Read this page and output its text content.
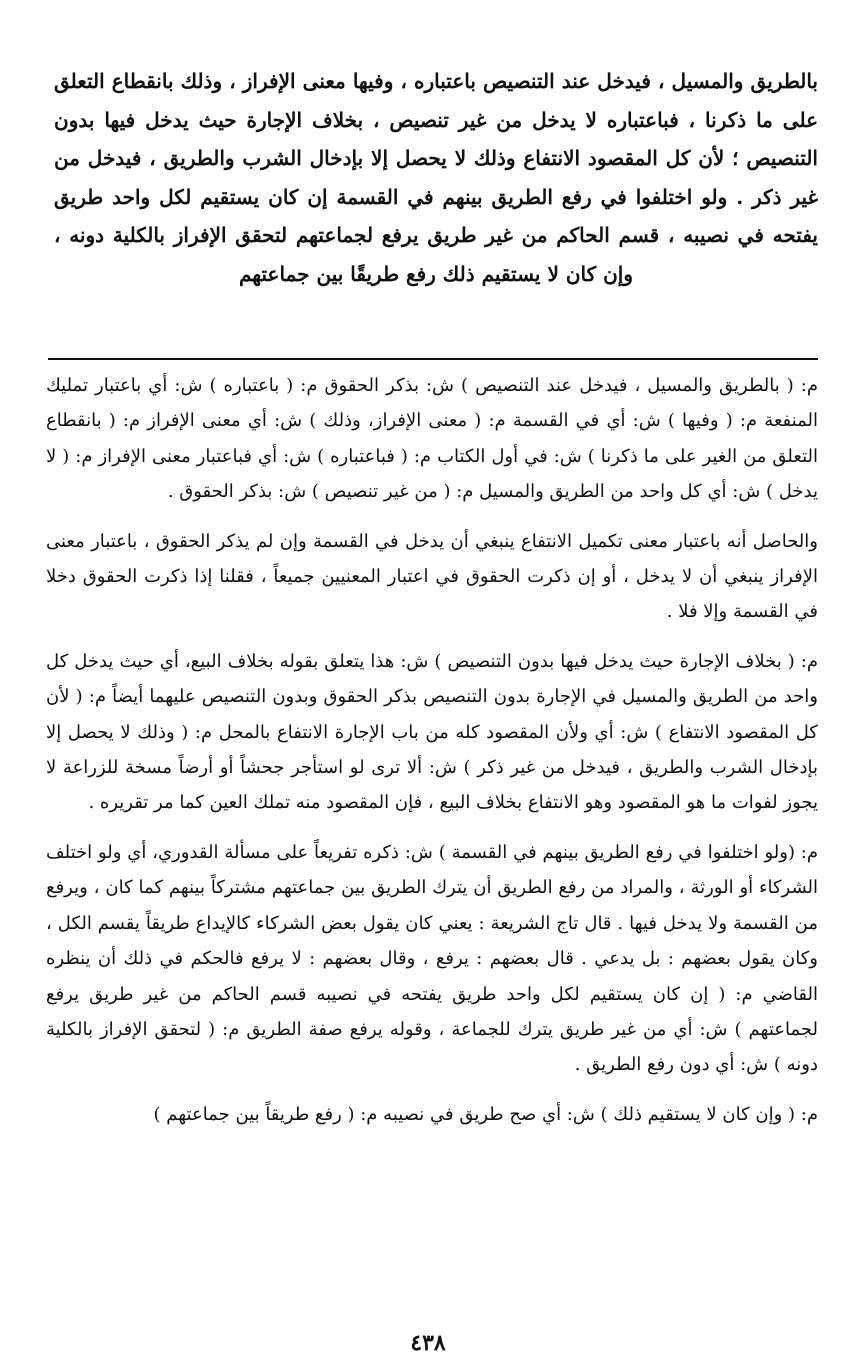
بالطريق والمسيل ، فيدخل عند التنصيص باعتباره ، وفيها معنى الإفراز ، وذلك بانقطاع التعلق على ما ذكرنا ، فباعتباره لا يدخل من غير تنصيص ، بخلاف الإجارة حيث يدخل فيها بدون التنصيص ؛ لأن كل المقصود الانتفاع وذلك لا يحصل إلا بإدخال الشرب والطريق ، فيدخل من غير ذكر . ولو اختلفوا في رفع الطريق بينهم في القسمة إن كان يستقيم لكل واحد طريق يفتحه في نصيبه ، قسم الحاكم من غير طريق يرفع لجماعتهم لتحقق الإفراز بالكلية دونه ، وإن كان لا يستقيم ذلك رفع طريقًا بين جماعتهم

م: ( بالطريق والمسيل ، فيدخل عند التنصيص ) ش: بذكر الحقوق م: ( باعتباره ) ش: أي باعتبار تمليك المنفعة م: ( وفيها ) ش: أي في القسمة م: ( معنى الإفراز، وذلك ) ش: أي معنى الإفراز م: ( بانقطاع التعلق من الغير على ما ذكرنا ) ش: في أول الكتاب م: ( فباعتباره ) ش: أي فباعتبار معنى الإفراز م: ( لا يدخل ) ش: أي كل واحد من الطريق والمسيل م: ( من غير تنصيص ) ش: بذكر الحقوق .

والحاصل أنه باعتبار معنى تكميل الانتفاع ينبغي أن يدخل في القسمة وإن لم يذكر الحقوق ، باعتبار معنى الإفراز ينبغي أن لا يدخل ، أو إن ذكرت الحقوق في اعتبار المعنيين جميعاً ، فقلنا إذا ذكرت الحقوق دخلا في القسمة وإلا فلا .

م: ( بخلاف الإجارة حيث يدخل فيها بدون التنصيص ) ش: هذا يتعلق بقوله بخلاف البيع، أي حيث يدخل كل واحد من الطريق والمسيل في الإجارة بدون التنصيص بذكر الحقوق وبدون التنصيص عليهما أيضاً م: ( لأن كل المقصود الانتفاع ) ش: أي ولأن المقصود كله من باب الإجارة الانتفاع بالمحل م: ( وذلك لا يحصل إلا بإدخال الشرب والطريق ، فيدخل من غير ذكر ) ش: ألا ترى لو استأجر جحشاً أو أرضاً مسخة للزراعة لا يجوز لفوات ما هو المقصود وهو الانتفاع بخلاف البيع ، فإن المقصود منه تملك العين كما مر تقريره .

م: (ولو اختلفوا في رفع الطريق بينهم في القسمة ) ش: ذكره تفريعاً على مسألة القدوري، أي ولو اختلف الشركاء أو الورثة ، والمراد من رفع الطريق أن يترك الطريق بين جماعتهم مشتركاً بينهم كما كان ، ويرفع من القسمة ولا يدخل فيها . قال تاج الشريعة : يعني كان يقول بعض الشركاء كالإيداع طريقاً يقسم الكل ، وكان يقول بعضهم : بل يدعي . قال بعضهم : يرفع ، وقال بعضهم : لا يرفع فالحكم في ذلك أن ينظره القاضي م: ( إن كان يستقيم لكل واحد طريق يفتحه في نصيبه قسم الحاكم من غير طريق يرفع لجماعتهم ) ش: أي من غير طريق يترك للجماعة ، وقوله يرفع صفة الطريق م: ( لتحقق الإفراز بالكلية دونه ) ش: أي دون رفع الطريق .

م: ( وإن كان لا يستقيم ذلك ) ش: أي صح طريق في نصيبه م: ( رفع طريقاً بين جماعتهم )

٤٣٨
